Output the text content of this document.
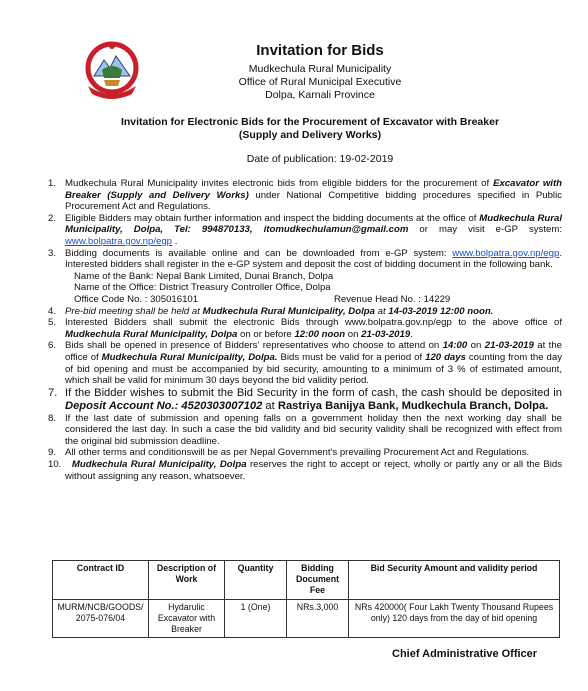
Invitation for Bids
Mudkechula Rural Municipality
Office of Rural Municipal Executive
Dolpa, Karnali Province
Invitation for Electronic Bids for the Procurement of Excavator with Breaker
(Supply and Delivery Works)
Date of publication: 19-02-2019
1. Mudkechula Rural Municipality invites electronic bids from eligible bidders for the procurement of Excavator with Breaker (Supply and Delivery Works) under National Competitive bidding procedures specified in Public Procurement Act and Regulations.
2. Eligible Bidders may obtain further information and inspect the bidding documents at the office of Mudkechula Rural Municipality, Dolpa, Tel: 994870133, itomudkechulamun@gmail.com or may visit e-GP system: www.bolpatra.gov.np/egp .
3. Bidding documents is available online and can be downloaded from e-GP system: www.bolpatra.gov.np/egp. Interested bidders shall register in the e-GP system and deposit the cost of bidding document in the following bank.
Name of the Bank: Nepal Bank Limited, Dunai Branch, Dolpa
Name of the Office: District Treasury Controller Office, Dolpa
Office Code No. : 305016101	Revenue Head No. : 14229
4. Pre-bid meeting shall be held at Mudkechula Rural Municipality, Dolpa at 14-03-2019 12:00 noon.
5. Interested Bidders shall submit the electronic Bids through www.bolpatra.gov.np/egp to the above office of Mudkechula Rural Municipality, Dolpa on or before 12:00 noon on 21-03-2019.
6. Bids shall be opened in presence of Bidders' representatives who choose to attend on 14:00 on 21-03-2019 at the office of Mudkechula Rural Municipality, Dolpa. Bids must be valid for a period of 120 days counting from the day of bid opening and must be accompanied by bid security, amounting to a minimum of 3 % of estimated amount, which shall be valid for minimum 30 days beyond the bid validity period.
7. If the Bidder wishes to submit the Bid Security in the form of cash, the cash should be deposited in Deposit Account No.: 4520303007102 at Rastriya Banijya Bank, Mudkechula Branch, Dolpa.
8. If the last date of submission and opening falls on a government holiday then the next working day shall be considered the last day. In such a case the bid validity and bid security validity shall be recognized with effect from the original bid submission deadline.
9. All other terms and conditionswill be as per Nepal Government's prevailing Procurement Act and Regulations.
10.	Mudkechula Rural Municipality, Dolpa reserves the right to accept or reject, wholly or partly any or all the Bids without assigning any reason, whatsoever.
Contract ID	Description of Work	Quantity	Bidding Document Fee	Bid Security Amount and validity period
MURM/NCB/GOODS/2075-076/04	Hydarulic Excavator with Breaker	1 (One)	NRs.3,000	NRs 420000( Four Lakh Twenty Thousand Rupees only) 120 days from the day of bid opening
Chief Administrative Officer
